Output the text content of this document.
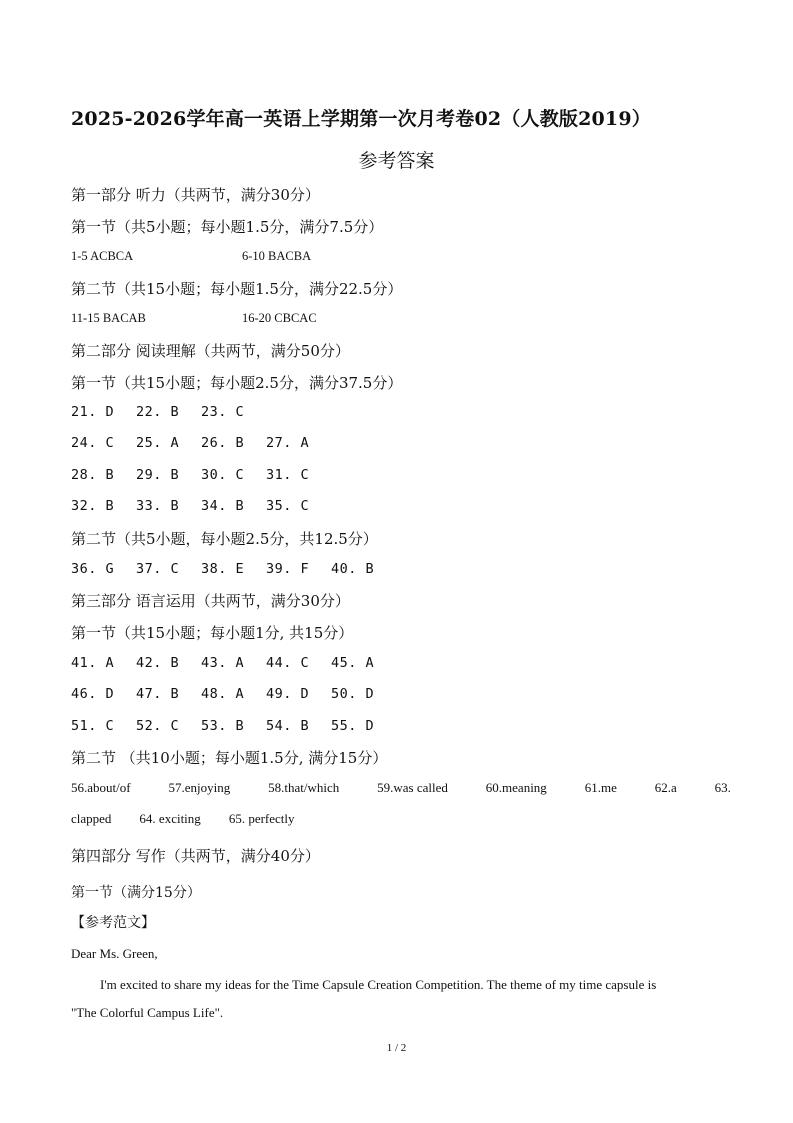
2025-2026学年高一英语上学期第一次月考卷02（人教版2019）
参考答案
第一部分 听力（共两节，满分30分）
第一节（共5小题；每小题1.5分，满分7.5分）
1-5 ACBCA	6-10 BACBA
第二节（共15小题；每小题1.5分，满分22.5分）
11-15 BACAB	16-20 CBCAC
第二部分 阅读理解（共两节，满分50分）
第一节（共15小题；每小题2.5分，满分37.5分）
21. D	22. B	23. C
24. C	25. A	26. B	27. A
28. B	29. B	30. C	31. C
32. B	33. B	34. B	35. C
第二节（共5小题，每小题2.5分，共12.5分）
36. G	37. C	38. E	39. F	40. B
第三部分 语言运用（共两节，满分30分）
第一节（共15小题；每小题1分, 共15分）
41. A	42. B	43. A	44. C	45. A
46. D	47. B	48. A	49. D	50. D
51. C	52. C	53. B	54. B	55. D
第二节 （共10小题；每小题1.5分, 满分15分）
56.about/of	57.enjoying	58.that/which	59.was called	60.meaning	61.me	62.a	63.
clapped 64. exciting 65. perfectly
第四部分 写作（共两节，满分40分）
第一节（满分15分）
【参考范文】
Dear Ms. Green,
I'm excited to share my ideas for the Time Capsule Creation Competition. The theme of my time capsule is
"The Colorful Campus Life".
1 / 2
